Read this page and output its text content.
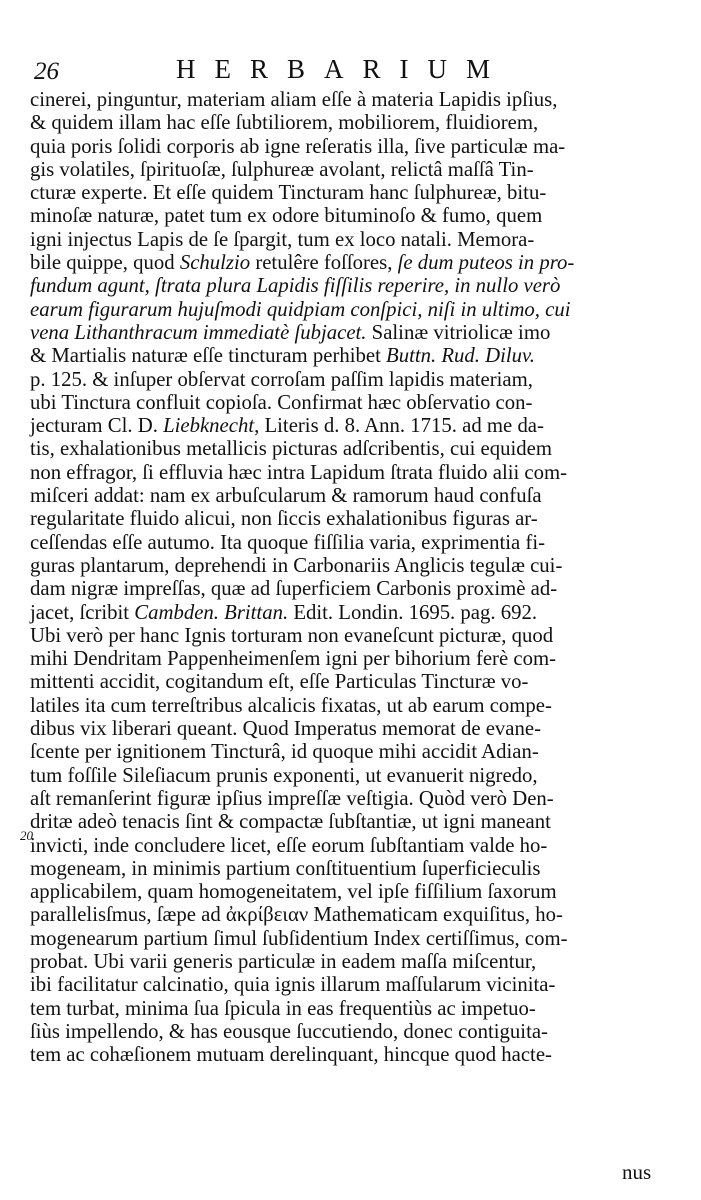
26	HERBARIUM
20
cinerei, pinguntur, materiam aliam eſſe à materia Lapidis ipſius,
& quidem illam hac eſſe ſubtiliorem, mobiliorem, fluidiorem,
quia poris ſolidi corporis ab igne reſeratis illa, ſive particulæ ma-
gis volatiles, ſpirituoſæ, ſulphureæ avolant, relictâ maſſâ Tin-
cturæ experte. Et eſſe quidem Tincturam hanc ſulphureæ, bitu-
minoſæ naturæ, patet tum ex odore bituminoſo & fumo, quem
igni injectus Lapis de ſe ſpargit, tum ex loco natali. Memora-
bile quippe, quod Schulzio retulêre foſſores, ſe dum puteos in pro-
fundum agunt, ſtrata plura Lapidis fiſſilis reperire, in nullo verò
earum figurarum hujuſmodi quidpiam conſpici, niſi in ultimo, cui
vena Lithanthracum immediatè ſubjacet. Salinæ vitriolicæ imo
& Martialis naturæ eſſe tincturam perhibet Buttn. Rud. Diluv.
p. 125. & inſuper obſervat corroſam paſſim lapidis materiam,
ubi Tinctura confluit copioſa. Confirmat hæc obſervatio con-
jecturam Cl. D. Liebknecht, Literis d. 8. Ann. 1715. ad me da-
tis, exhalationibus metallicis picturas adſcribentis, cui equidem
non effragor, ſi effluvia hæc intra Lapidum ſtrata fluido alii com-
miſceri addat: nam ex arbuſcularum & ramorum haud confuſa
regularitate fluido alicui, non ſiccis exhalationibus figuras ar-
ceſſendas eſſe autumo. Ita quoque fiſſilia varia, exprimentia fi-
guras plantarum, deprehendi in Carbonariis Anglicis tegulæ cui-
dam nigræ impreſſas, quæ ad ſuperficiem Carbonis proximè ad-
jacet, ſcribit Cambden. Brittan. Edit. Londin. 1695. pag. 692.
Ubi verò per hanc Ignis torturam non evaneſcunt picturæ, quod
mihi Dendritam Pappenheimenſem igni per bihorium ferè com-
mittenti accidit, cogitandum eſt, eſſe Particulas Tincturæ vo-
latiles ita cum terreſtribus alcalicis fixatas, ut ab earum compe-
dibus vix liberari queant. Quod Imperatus memorat de evane-
ſcente per ignitionem Tincturâ, id quoque mihi accidit Adian-
tum foſſile Sileſiacum prunis exponenti, ut evanuerit nigredo,
aſt remanſerint figuræ ipſius impreſſæ veſtigia. Quòd verò Den-
dritæ adeò tenacis ſint & compactæ ſubſtantiæ, ut igni maneant
invicti, inde concludere licet, eſſe eorum ſubſtantiam valde ho-
mogeneam, in minimis partium conſtituentium ſuperficieculis
applicabilem, quam homogeneitatem, vel ipſe fiſſilium ſaxorum
parallelisſmus, ſæpe ad ἀκρίβειαν Mathematicam exquiſitus, ho-
mogenearum partium ſimul ſubſidentium Index certiſſimus, com-
probat. Ubi varii generis particulæ in eadem maſſa miſcentur,
ibi facilitatur calcinatio, quia ignis illarum maſſularum vicinita-
tem turbat, minima ſua ſpicula in eas frequentiùs ac impetuo-
ſiùs impellendo, & has eousque ſuccutiendo, donec contiguita-
tem ac cohæſionem mutuam derelinquant, hincque quod hacte-
nus
